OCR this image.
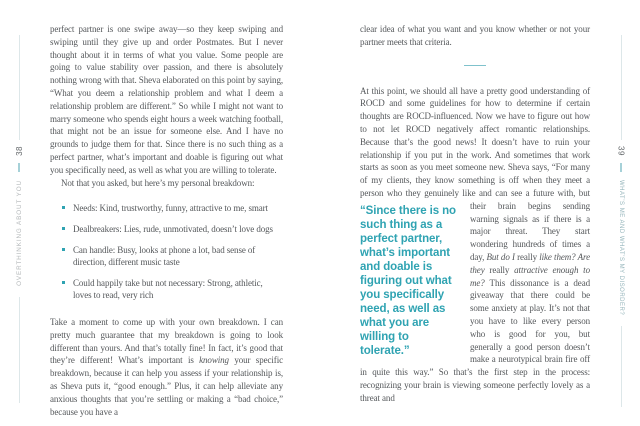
38
OVERTHINKING ABOUT YOU

perfect partner is one swipe away—so they keep swiping and swiping until they give up and order Postmates. But I never thought about it in terms of what you value. Some people are going to value stability over passion, and there is absolutely nothing wrong with that. Sheva elaborated on this point by saying, “What you deem a relationship problem and what I deem a relationship problem are different.” So while I might not want to marry someone who spends eight hours a week watching football, that might not be an issue for someone else. And I have no grounds to judge them for that. Since there is no such thing as a perfect partner, what’s important and doable is figuring out what you specifically need, as well as what you are willing to tolerate.

Not that you asked, but here’s my personal breakdown:

Needs: Kind, trustworthy, funny, attractive to me, smart
Dealbreakers: Lies, rude, unmotivated, doesn’t love dogs
Can handle: Busy, looks at phone a lot, bad sense of direction, different music taste
Could happily take but not necessary: Strong, athletic, loves to read, very rich

Take a moment to come up with your own breakdown. I can pretty much guarantee that my breakdown is going to look different than yours. And that’s totally fine! In fact, it’s good that they’re different! What’s important is knowing your specific breakdown, because it can help you assess if your relationship is, as Sheva puts it, “good enough.” Plus, it can help alleviate any anxious thoughts that you’re settling or making a “bad choice,” because you have a

39
WHAT’S ME AND WHAT’S MY DISORDER?

clear idea of what you want and you know whether or not your partner meets that criteria.

At this point, we should all have a pretty good understanding of ROCD and some guidelines for how to determine if certain thoughts are ROCD-influenced. Now we have to figure out how to not let ROCD negatively affect romantic relationships. Because that’s the good news! It doesn’t have to ruin your relationship if you put in the work. And sometimes that work starts as soon as you meet someone new. Sheva says, “For many of my clients, they know something is off when they meet a person who they genuinely like and can see a future with, but their brain begins sending
“Since there is no such thing as a perfect partner, what’s important and doable is figuring out what you specifically need, as well as what you are willing to tolerate.”
warning signals as if there is a major threat. They start wondering hundreds of times a day, But do I really like them? Are they really attractive enough to me? This dissonance is a dead giveaway that there could be some anxiety at play. It’s not that you have to like every person who is good for you, but generally a good person doesn’t make a neurotypical brain fire off in quite this way.” So that’s the first step in the process: recognizing your brain is viewing someone perfectly lovely as a threat and
